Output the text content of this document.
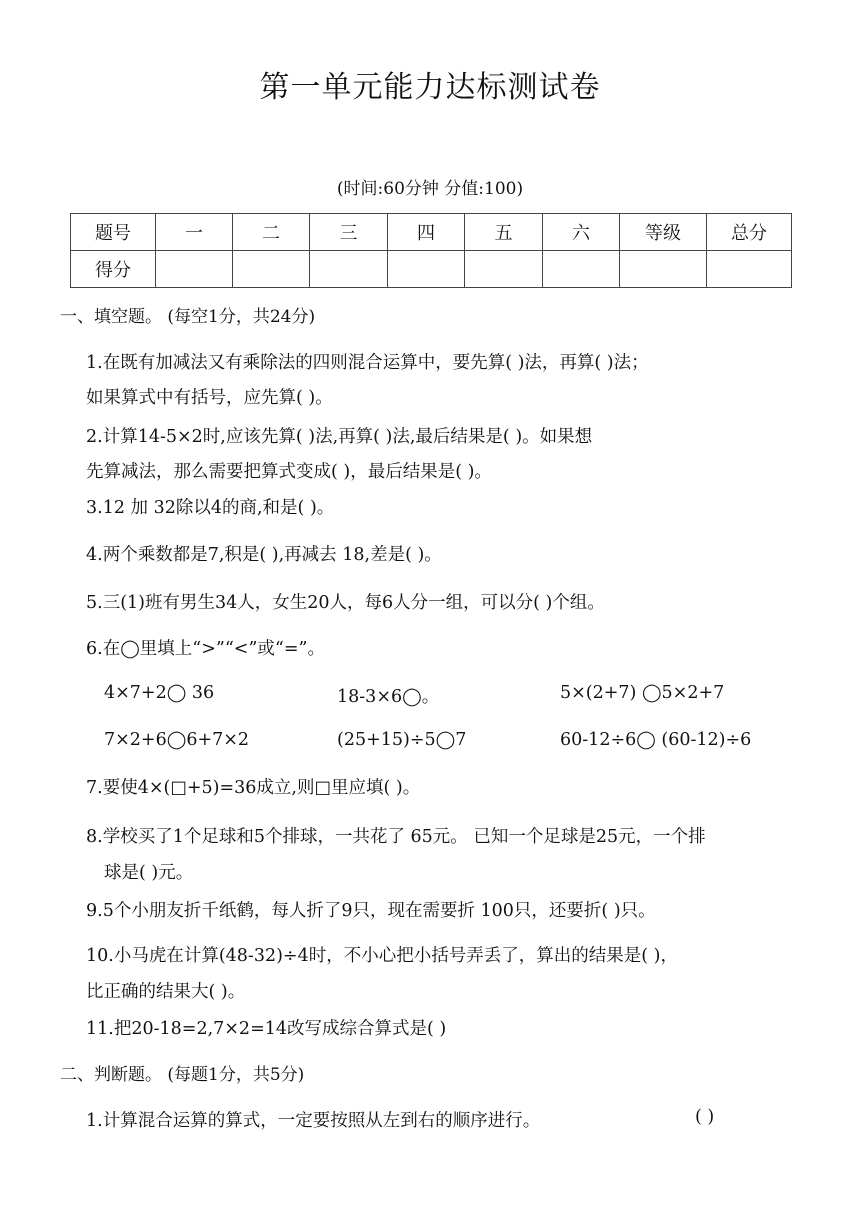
第一单元能力达标测试卷
(时间:60分钟 分值:100)
题号	一	二	三	四	五	六	等级	总分
得分								
一、填空题。 (每空1分，共24分)
1.在既有加减法又有乘除法的四则混合运算中，要先算( )法，再算( )法；
如果算式中有括号，应先算( )。
2.计算14-5×2时,应该先算( )法,再算( )法,最后结果是( )。如果想
先算减法，那么需要把算式变成( )，最后结果是( )。
3.12 加 32除以4的商,和是( )。
4.两个乘数都是7,积是( ),再减去 18,差是( )。
5.三(1)班有男生34人，女生20人，每6人分一组，可以分( )个组。
6.在◯里填上“>”“<”或“=”。
4×7+2◯ 36	18-3×6◯。	5×(2+7) ◯5×2+7
7×2+6◯6+7×2	(25+15)÷5◯7	60-12÷6◯ (60-12)÷6
7.要使4×(□+5)=36成立,则□里应填( )。
8.学校买了1个足球和5个排球，一共花了 65元。 已知一个足球是25元，一个排
球是( )元。
9.5个小朋友折千纸鹤，每人折了9只，现在需要折 100只，还要折( )只。
10.小马虎在计算(48-32)÷4时，不小心把小括号弄丢了，算出的结果是( )，
比正确的结果大( )。
11.把20-18=2,7×2=14改写成综合算式是( )
二、判断题。 (每题1分，共5分)
1.计算混合运算的算式，一定要按照从左到右的顺序进行。	( )
